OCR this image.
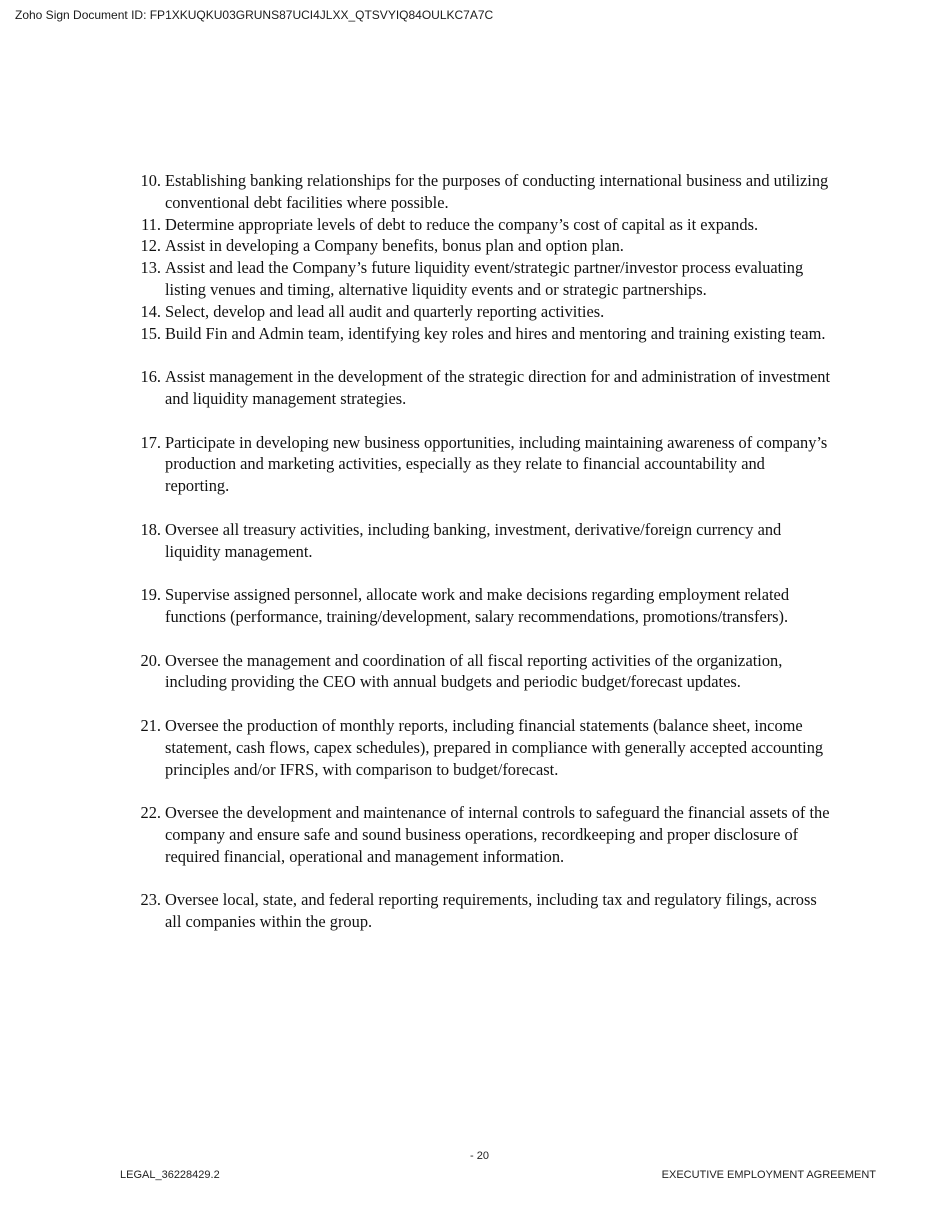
Zoho Sign Document ID: FP1XKUQKU03GRUNS87UCI4JLXX_QTSVYIQ84OULKC7A7C
10. Establishing banking relationships for the purposes of conducting international business and utilizing conventional debt facilities where possible.
11. Determine appropriate levels of debt to reduce the company’s cost of capital as it expands.
12. Assist in developing a Company benefits, bonus plan and option plan.
13. Assist and lead the Company’s future liquidity event/strategic partner/investor process evaluating listing venues and timing, alternative liquidity events and or strategic partnerships.
14. Select, develop and lead all audit and quarterly reporting activities.
15. Build Fin and Admin team, identifying key roles and hires and mentoring and training existing team.
16. Assist management in the development of the strategic direction for and administration of investment and liquidity management strategies.
17. Participate in developing new business opportunities, including maintaining awareness of company’s production and marketing activities, especially as they relate to financial accountability and reporting.
18. Oversee all treasury activities, including banking, investment, derivative/foreign currency and liquidity management.
19. Supervise assigned personnel, allocate work and make decisions regarding employment related functions (performance, training/development, salary recommendations, promotions/transfers).
20. Oversee the management and coordination of all fiscal reporting activities of the organization, including providing the CEO with annual budgets and periodic budget/forecast updates.
21. Oversee the production of monthly reports, including financial statements (balance sheet, income statement, cash flows, capex schedules), prepared in compliance with generally accepted accounting principles and/or IFRS, with comparison to budget/forecast.
22. Oversee the development and maintenance of internal controls to safeguard the financial assets of the company and ensure safe and sound business operations, recordkeeping and proper disclosure of required financial, operational and management information.
23. Oversee local, state, and federal reporting requirements, including tax and regulatory filings, across all companies within the group.
- 20
LEGAL_36228429.2	EXECUTIVE EMPLOYMENT AGREEMENT
